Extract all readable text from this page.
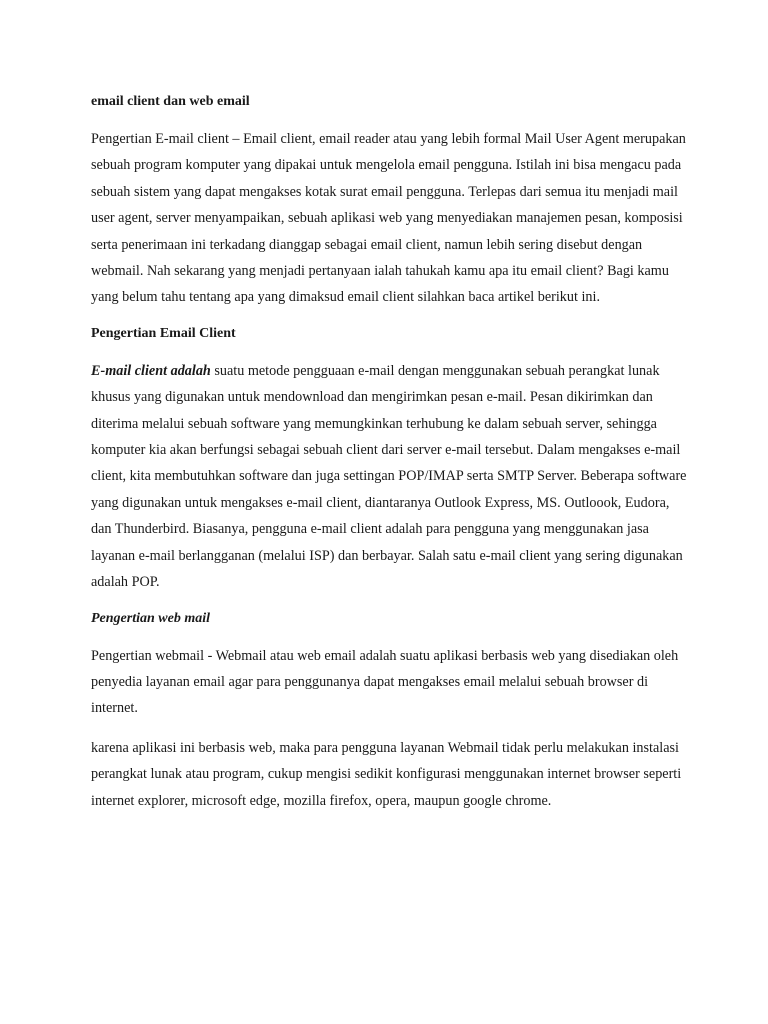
email client dan web email

Pengertian E-mail client – Email client, email reader atau yang lebih formal Mail User Agent merupakan sebuah program komputer yang dipakai untuk mengelola email pengguna. Istilah ini bisa mengacu pada sebuah sistem yang dapat mengakses kotak surat email pengguna. Terlepas dari semua itu menjadi mail user agent, server menyampaikan, sebuah aplikasi web yang menyediakan manajemen pesan, komposisi serta penerimaan ini terkadang dianggap sebagai email client, namun lebih sering disebut dengan webmail. Nah sekarang yang menjadi pertanyaan ialah tahukah kamu apa itu email client? Bagi kamu yang belum tahu tentang apa yang dimaksud email client silahkan baca artikel berikut ini.

Pengertian Email Client

E-mail client adalah suatu metode pengguaan e-mail dengan menggunakan sebuah perangkat lunak khusus yang digunakan untuk mendownload dan mengirimkan pesan e-mail. Pesan dikirimkan dan diterima melalui sebuah software yang memungkinkan terhubung ke dalam sebuah server, sehingga komputer kia akan berfungsi sebagai sebuah client dari server e-mail tersebut. Dalam mengakses e-mail client, kita membutuhkan software dan juga settingan POP/IMAP serta SMTP Server. Beberapa software yang digunakan untuk mengakses e-mail client, diantaranya Outlook Express, MS. Outloook, Eudora, dan Thunderbird. Biasanya, pengguna e-mail client adalah para pengguna yang menggunakan jasa layanan e-mail berlangganan (melalui ISP) dan berbayar. Salah satu e-mail client yang sering digunakan adalah POP.

Pengertian web mail

Pengertian webmail - Webmail atau web email adalah suatu aplikasi berbasis web yang disediakan oleh penyedia layanan email agar para penggunanya dapat mengakses email melalui sebuah browser di internet.

karena aplikasi ini berbasis web, maka para pengguna layanan Webmail tidak perlu melakukan instalasi perangkat lunak atau program, cukup mengisi sedikit konfigurasi menggunakan internet browser seperti internet explorer, microsoft edge, mozilla firefox, opera, maupun google chrome.
